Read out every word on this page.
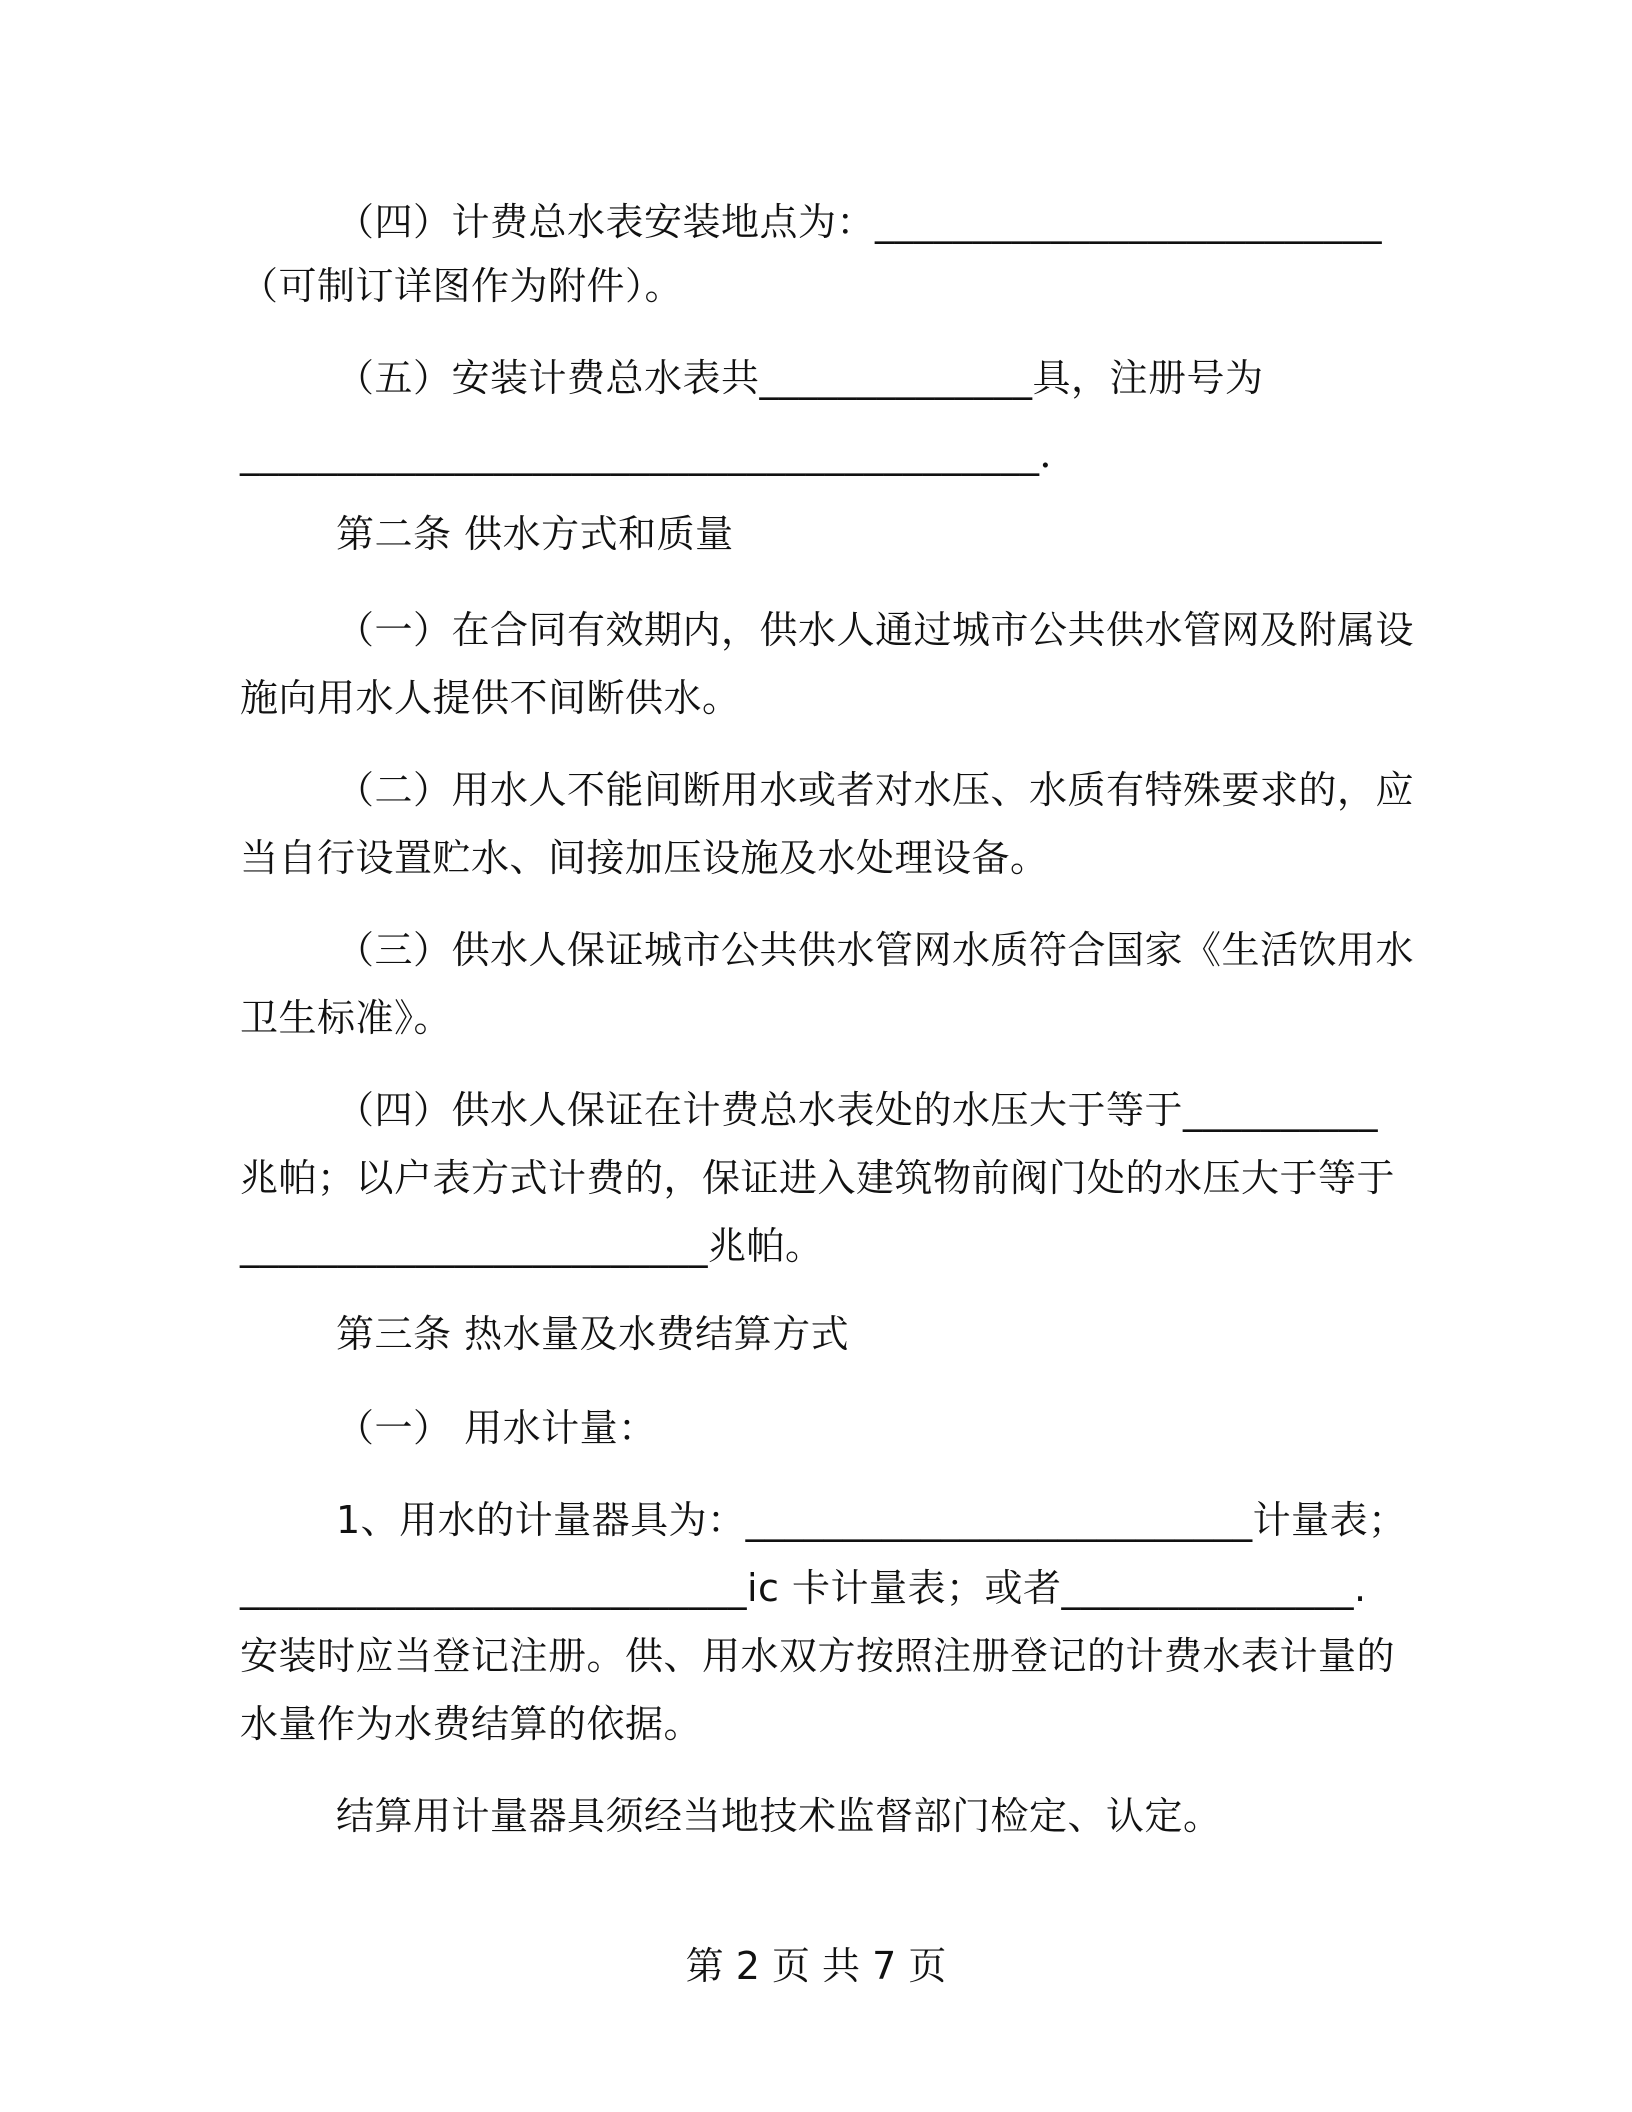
（四）计费总水表安装地点为：__________________________
（可制订详图作为附件）。
（五）安装计费总水表共______________具，注册号为
_________________________________________．
第二条 供水方式和质量
（一）在合同有效期内，供水人通过城市公共供水管网及附属设
施向用水人提供不间断供水。
（二）用水人不能间断用水或者对水压、水质有特殊要求的，应
当自行设置贮水、间接加压设施及水处理设备。
（三）供水人保证城市公共供水管网水质符合国家《生活饮用水
卫生标准》。
（四）供水人保证在计费总水表处的水压大于等于__________
兆帕；以户表方式计费的，保证进入建筑物前阀门处的水压大于等于
________________________兆帕。
第三条 热水量及水费结算方式
（一） 用水计量：
1、用水的计量器具为：__________________________计量表；
__________________________ic 卡计量表；或者_______________.
安装时应当登记注册。供、用水双方按照注册登记的计费水表计量的
水量作为水费结算的依据。
结算用计量器具须经当地技术监督部门检定、认定。
第 2 页 共 7 页
